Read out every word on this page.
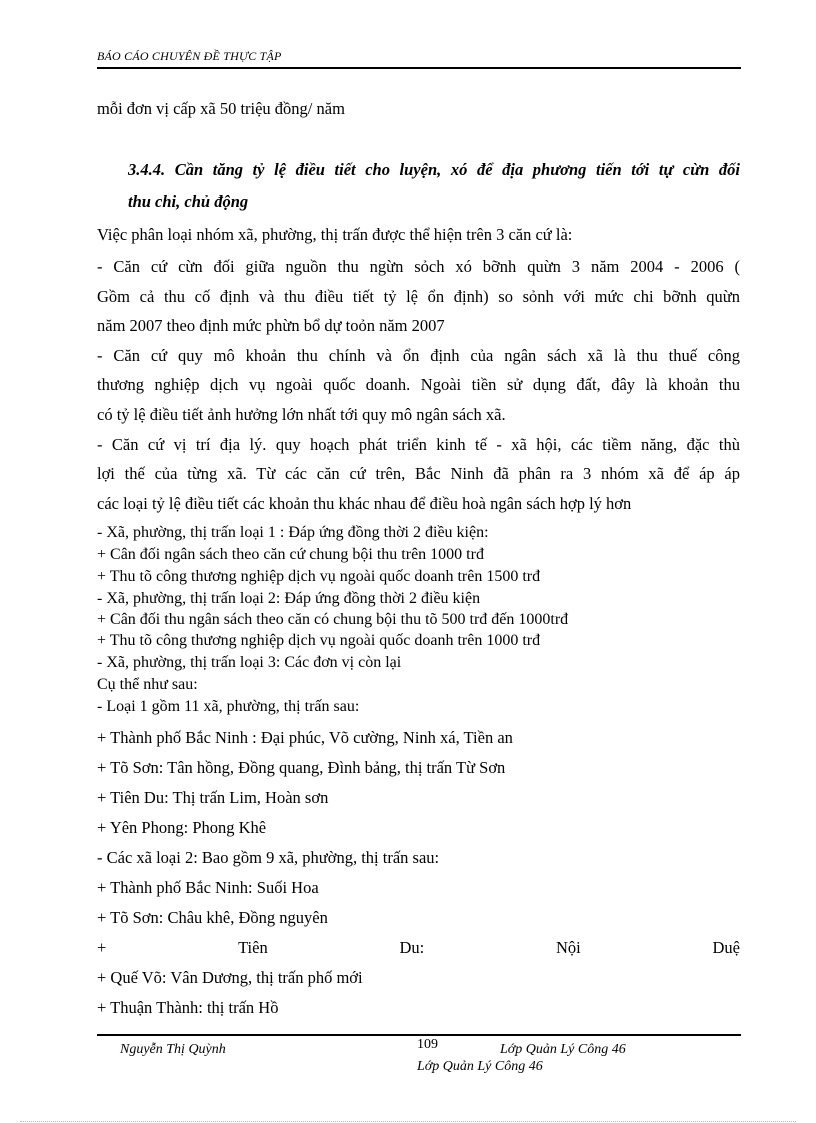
BÁO CÁO CHUYÊN ĐỀ THỰC TẬP
mỗi đơn vị cấp xã 50 triệu đồng/ năm
3.4.4. Cần tăng tỷ lệ điều tiết cho luyện, xó để địa phương tiến tới tự cừn đối
thu chi, chủ động
Việc phân loại nhóm xã, phường, thị trấn được thể hiện trên 3 căn cứ là:
- Căn cứ cừn đối giữa nguồn thu ngừn sỏch xó bỡnh quừn 3 năm 2004 - 2006 (
Gồm cả thu cố định và thu điều tiết tỷ lệ ổn định) so sỏnh với mức chi bỡnh quừn
năm 2007 theo định mức phừn bổ dự toỏn năm 2007
- Căn cứ quy mô khoản thu chính và ổn định của ngân sách xã là thu thuế công
thương nghiệp dịch vụ ngoài quốc doanh. Ngoài tiền sử dụng đất, đây là khoản thu
có tỷ lệ điều tiết ảnh hưởng lớn nhất tới quy mô ngân sách xã.
- Căn cứ vị trí địa lý. quy hoạch phát triển kinh tế - xã hội, các tiềm năng, đặc thù
lợi thế của từng xã. Từ các căn cứ trên, Bắc Ninh đã phân ra 3 nhóm xã để áp áp
các loại tỷ lệ điều tiết các khoản thu khác nhau để điều hoà ngân sách hợp lý hơn
- Xã, phường, thị trấn loại 1 : Đáp ứng đồng thời 2 điều kiện:
+ Cân đối ngân sách theo căn cứ chung bội thu trên 1000 trđ
+ Thu tõ công thương nghiệp dịch vụ ngoài quốc doanh trên 1500 trđ
- Xã, phường, thị trấn loại 2: Đáp ứng đồng thời 2 điều kiện
+ Cân đối thu ngân sách theo căn có chung bội thu tõ 500 trđ đến 1000trđ
+ Thu tõ công thương nghiệp dịch vụ ngoài quốc doanh trên 1000 trđ
- Xã, phường, thị trấn loại 3: Các đơn vị còn lại
Cụ thể như sau:
- Loại 1 gồm 11 xã, phường, thị trấn sau:
+ Thành phố Bắc Ninh : Đại phúc, Võ cường, Ninh xá, Tiền an
+ Tõ Sơn: Tân hồng, Đồng quang, Đình bảng, thị trấn Từ Sơn
+ Tiên Du: Thị trấn Lim, Hoàn sơn
+ Yên Phong: Phong Khê
- Các xã loại 2: Bao gồm 9 xã, phường, thị trấn sau:
+ Thành phố Bắc Ninh: Suối Hoa
+ Tõ Sơn: Châu khê, Đồng nguyên
+	Tiên	Du:	Nội	Duệ
+ Quế Võ: Vân Dương, thị trấn phố mới
+ Thuận Thành: thị trấn Hồ
Nguyễn Thị Quỳnh	109	Lớp Quản Lý Công 46
Lớp Quản Lý Công 46
